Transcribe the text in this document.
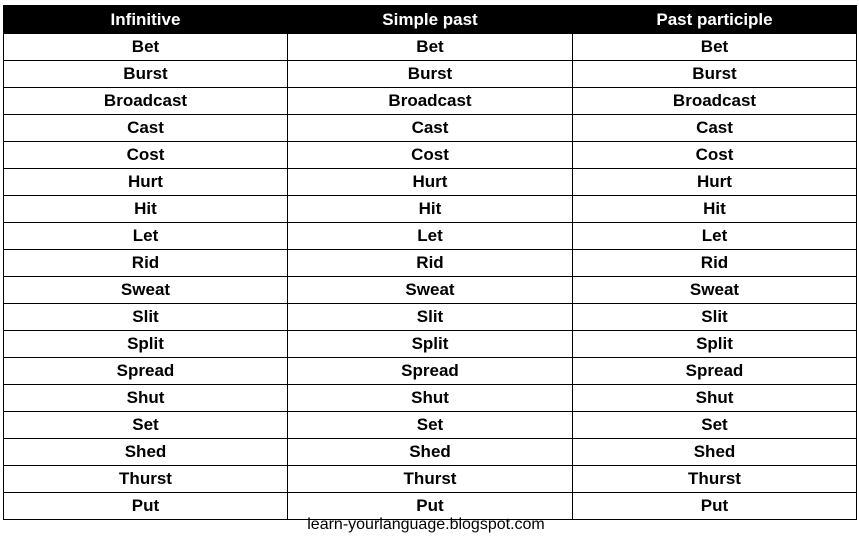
Infinitive	Simple past	Past participle
Bet	Bet	Bet
Burst	Burst	Burst
Broadcast	Broadcast	Broadcast
Cast	Cast	Cast
Cost	Cost	Cost
Hurt	Hurt	Hurt
Hit	Hit	Hit
Let	Let	Let
Rid	Rid	Rid
Sweat	Sweat	Sweat
Slit	Slit	Slit
Split	Split	Split
Spread	Spread	Spread
Shut	Shut	Shut
Set	Set	Set
Shed	Shed	Shed
Thurst	Thurst	Thurst
Put	Put	Put
learn-yourlanguage.blogspot.com
